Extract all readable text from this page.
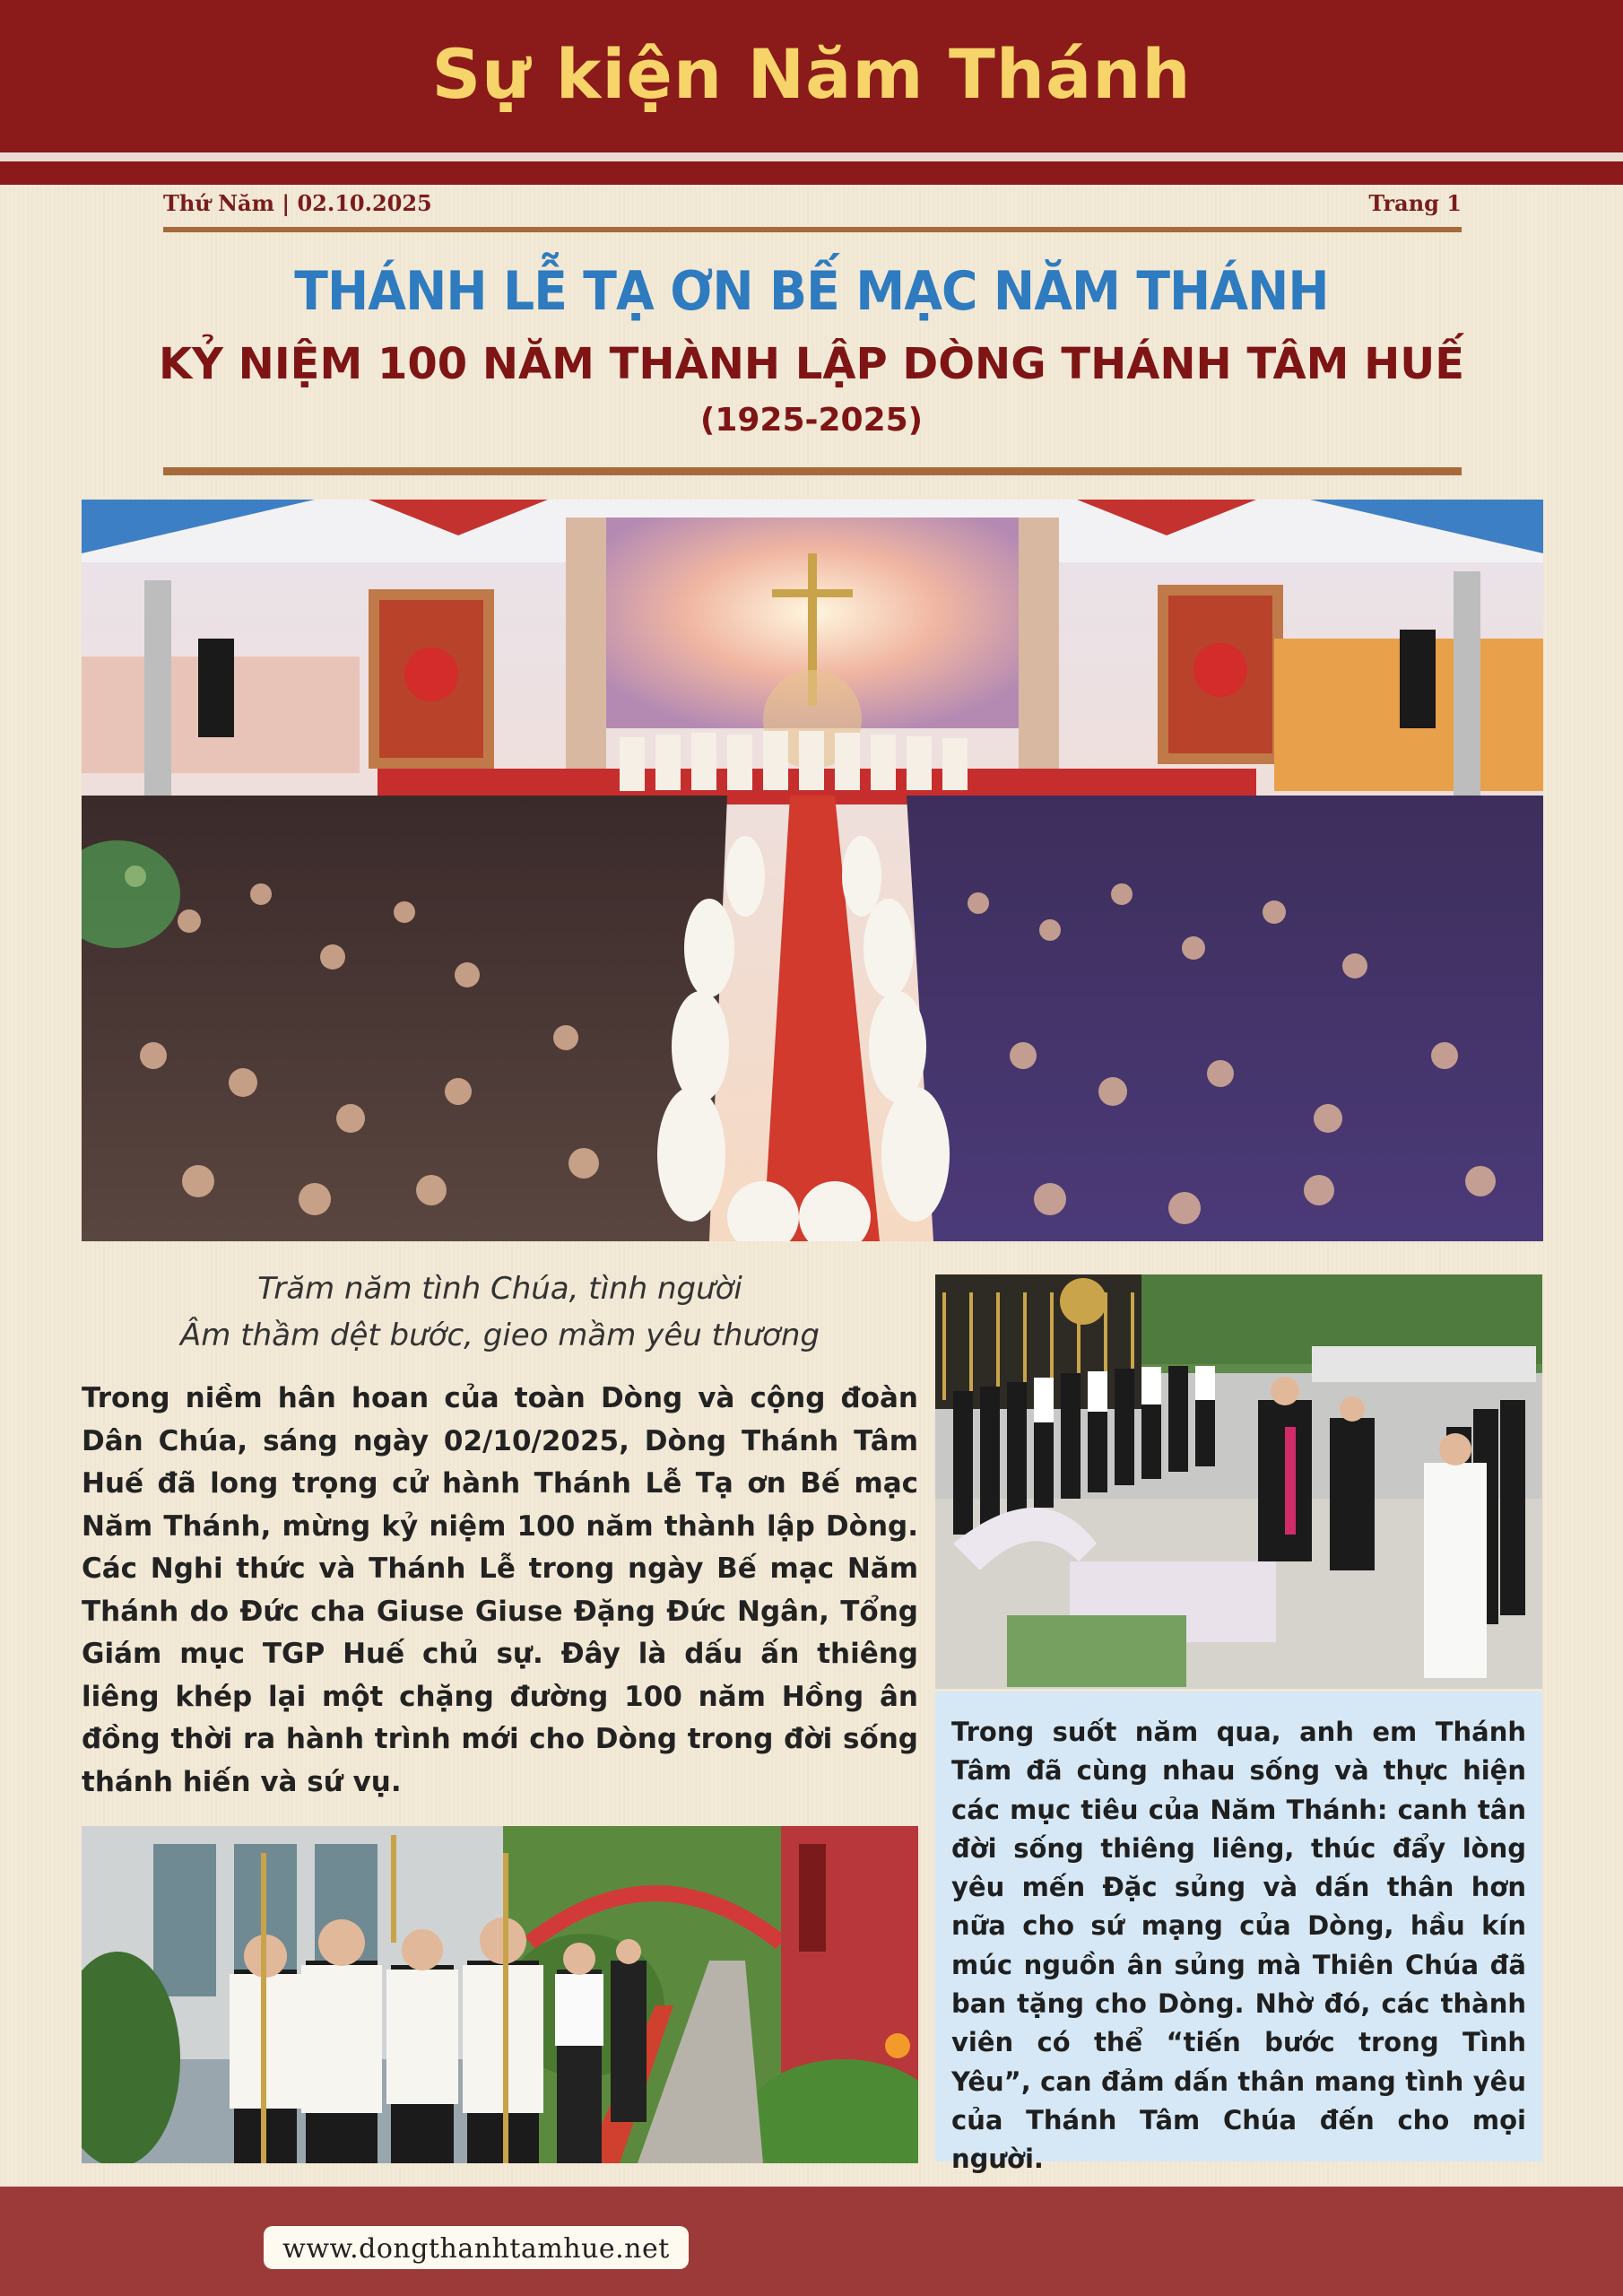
Sự kiện Năm Thánh
Thứ Năm | 02.10.2025	Trang 1
THÁNH LỄ TẠ ƠN BẾ MẠC NĂM THÁNH
KỶ NIỆM 100 NĂM THÀNH LẬP DÒNG THÁNH TÂM HUẾ
(1925-2025)
Trăm năm tình Chúa, tình người
Âm thầm dệt bước, gieo mầm yêu thương
Trong niềm hân hoan của toàn Dòng và cộng đoàn Dân Chúa, sáng ngày 02/10/2025, Dòng Thánh Tâm Huế đã long trọng cử hành Thánh Lễ Tạ ơn Bế mạc Năm Thánh, mừng kỷ niệm 100 năm thành lập Dòng. Các Nghi thức và Thánh Lễ trong ngày Bế mạc Năm Thánh do Đức cha Giuse Giuse Đặng Đức Ngân, Tổng Giám mục TGP Huế chủ sự. Đây là dấu ấn thiêng liêng khép lại một chặng đường 100 năm Hồng ân đồng thời ra hành trình mới cho Dòng trong đời sống thánh hiến và sứ vụ.
Trong suốt năm qua, anh em Thánh Tâm đã cùng nhau sống và thực hiện các mục tiêu của Năm Thánh: canh tân đời sống thiêng liêng, thúc đẩy lòng yêu mến Đặc sủng và dấn thân hơn nữa cho sứ mạng của Dòng, hầu kín múc nguồn ân sủng mà Thiên Chúa đã ban tặng cho Dòng. Nhờ đó, các thành viên có thể “tiến bước trong Tình Yêu”, can đảm dấn thân mang tình yêu của Thánh Tâm Chúa đến cho mọi người.
www.dongthanhtamhue.net
